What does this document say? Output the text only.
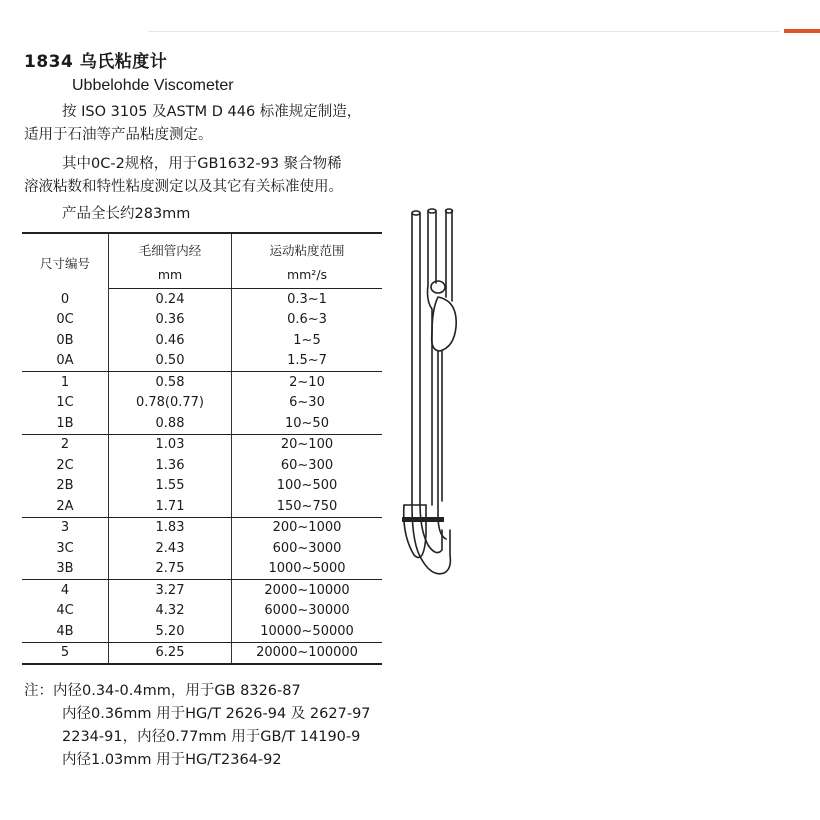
1834 乌氏粘度计
Ubbelohde Viscometer
按 ISO 3105 及ASTM D 446 标准规定制造，
适用于石油等产品粘度测定。
其中0C-2规格，用于GB1632-93 聚合物稀
溶液粘数和特性粘度测定以及其它有关标准使用。
产品全长约283mm
尺寸编号	毛细管内经	运动粘度范围
	mm	mm²/s
0	0.24	0.3~1
0C	0.36	0.6~3
0B	0.46	1~5
0A	0.50	1.5~7
1	0.58	2~10
1C	0.78(0.77)	6~30
1B	0.88	10~50
2	1.03	20~100
2C	1.36	60~300
2B	1.55	100~500
2A	1.71	150~750
3	1.83	200~1000
3C	2.43	600~3000
3B	2.75	1000~5000
4	3.27	2000~10000
4C	4.32	6000~30000
4B	5.20	10000~50000
5	6.25	20000~100000
注：内径0.34-0.4mm，用于GB 8326-87
内径0.36mm 用于HG/T 2626-94 及 2627-97
2234-91，内径0.77mm 用于GB/T 14190-9
内径1.03mm 用于HG/T2364-92
